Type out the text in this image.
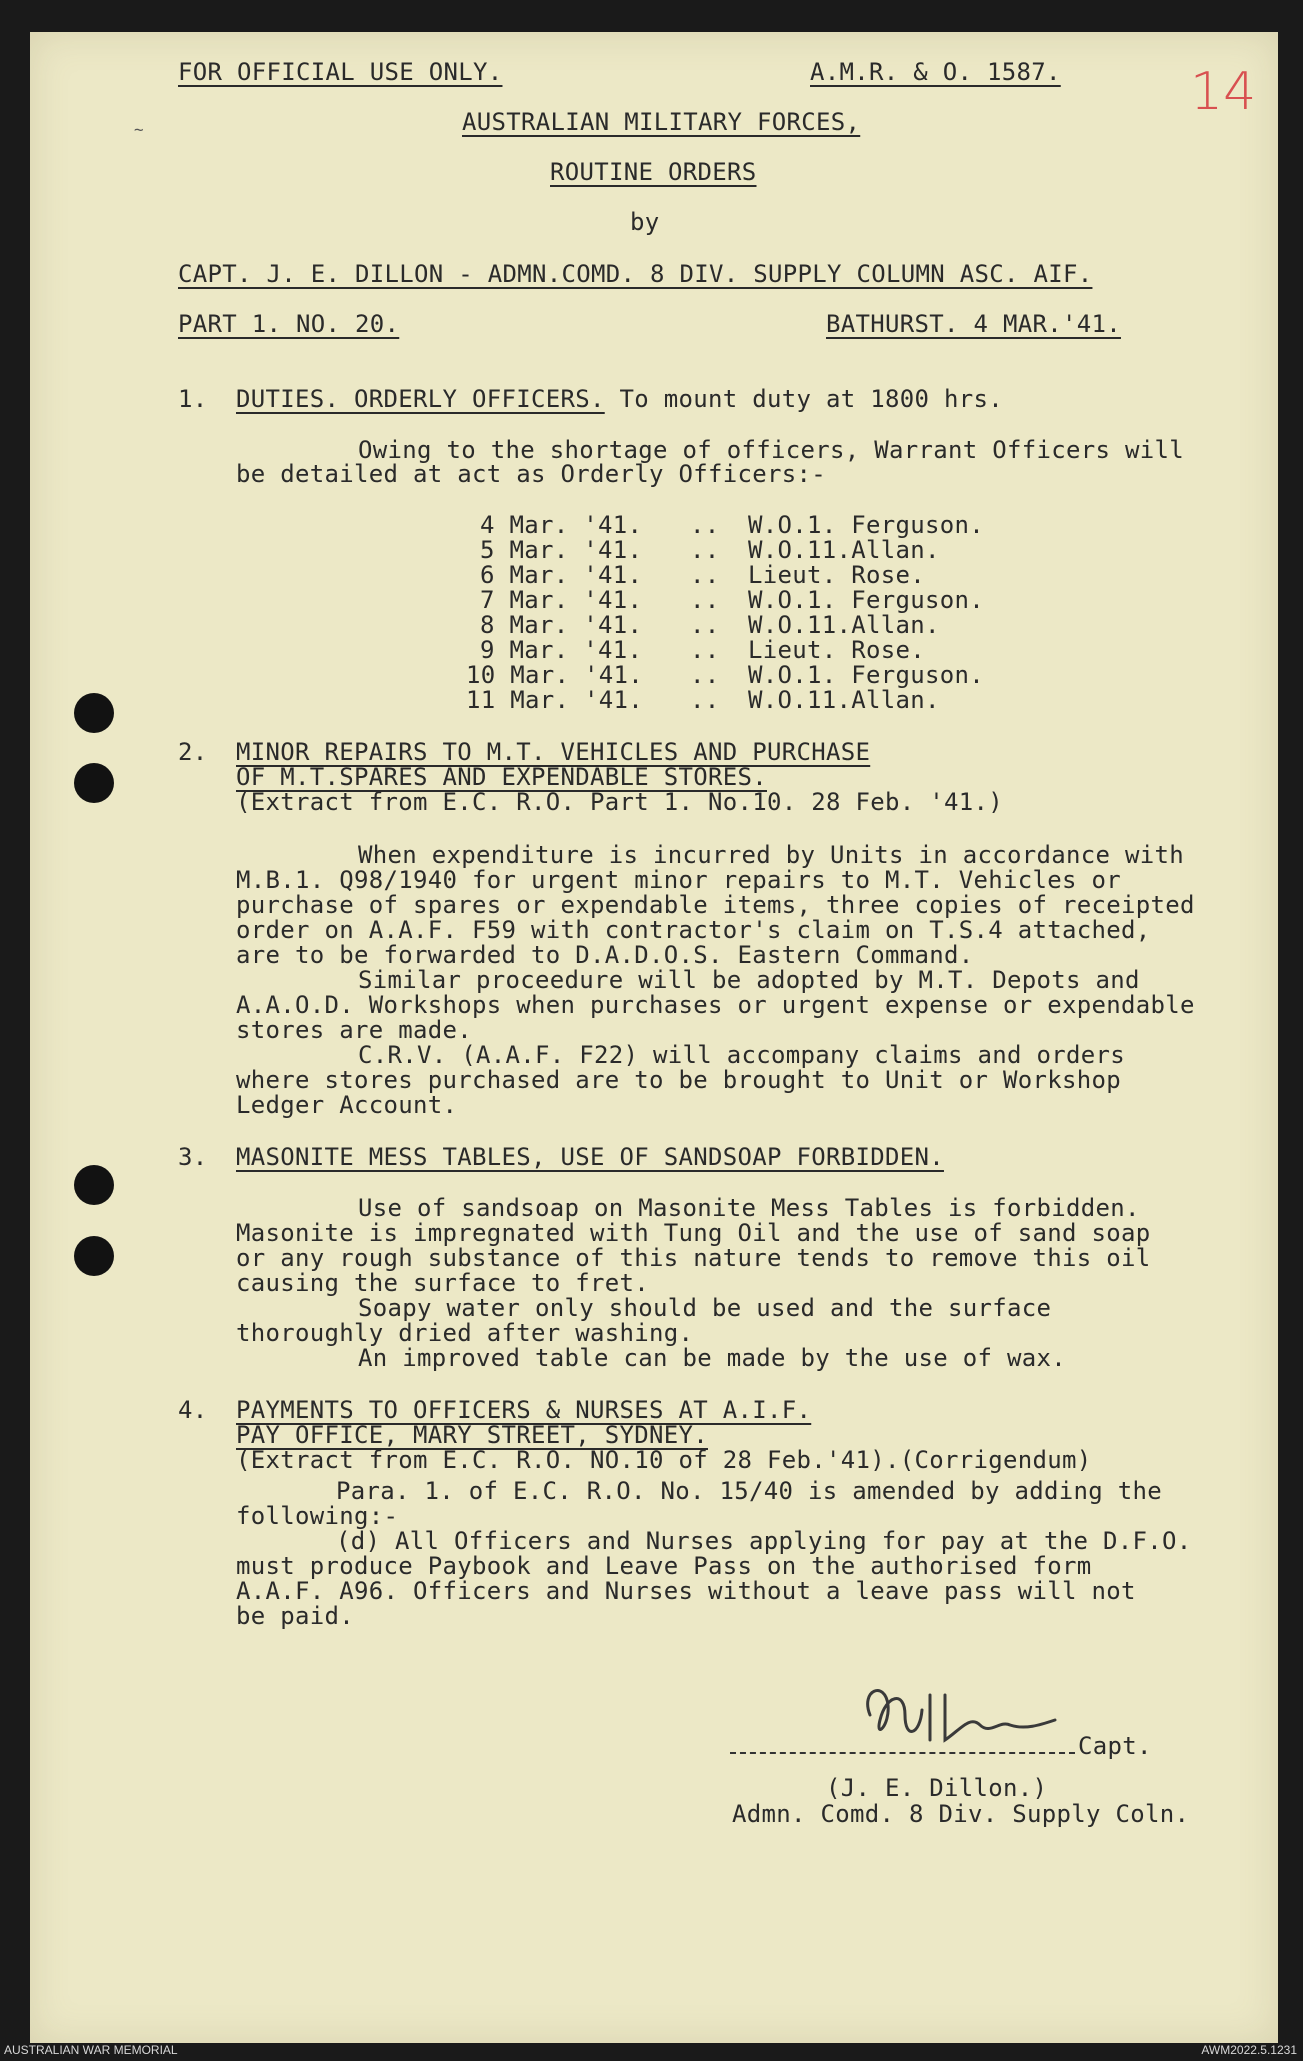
FOR OFFICIAL USE ONLY.	A.M.R. & O. 1587. 14
~	AUSTRALIAN MILITARY FORCES,
ROUTINE ORDERS
by
CAPT. J. E. DILLON - ADMN.COMD. 8 DIV. SUPPLY COLUMN ASC. AIF.
PART 1. NO. 20.	BATHURST. 4 MAR.'41.
1. DUTIES. ORDERLY OFFICERS. To mount duty at 1800 hrs.
Owing to the shortage of officers, Warrant Officers will
be detailed at act as Orderly Officers:-
4 Mar. '41. .. W.O.1. Ferguson.
5 Mar. '41. .. W.O.11.Allan.
6 Mar. '41. .. Lieut. Rose.
7 Mar. '41. .. W.O.1. Ferguson.
8 Mar. '41. .. W.O.11.Allan.
9 Mar. '41. .. Lieut. Rose.
10 Mar. '41. .. W.O.1. Ferguson.
11 Mar. '41. .. W.O.11.Allan.
2. MINOR REPAIRS TO M.T. VEHICLES AND PURCHASE
OF M.T.SPARES AND EXPENDABLE STORES.
(Extract from E.C. R.O. Part 1. No.10. 28 Feb. '41.)
When expenditure is incurred by Units in accordance with
M.B.1. Q98/1940 for urgent minor repairs to M.T. Vehicles or
purchase of spares or expendable items, three copies of receipted
order on A.A.F. F59 with contractor's claim on T.S.4 attached,
are to be forwarded to D.A.D.O.S. Eastern Command.
Similar proceedure will be adopted by M.T. Depots and
A.A.O.D. Workshops when purchases or urgent expense or expendable
stores are made.
C.R.V. (A.A.F. F22) will accompany claims and orders
where stores purchased are to be brought to Unit or Workshop
Ledger Account.
3. MASONITE MESS TABLES, USE OF SANDSOAP FORBIDDEN.
Use of sandsoap on Masonite Mess Tables is forbidden.
Masonite is impregnated with Tung Oil and the use of sand soap
or any rough substance of this nature tends to remove this oil
causing the surface to fret.
Soapy water only should be used and the surface
thoroughly dried after washing.
An improved table can be made by the use of wax.
4. PAYMENTS TO OFFICERS & NURSES AT A.I.F.
PAY OFFICE, MARY STREET, SYDNEY.
(Extract from E.C. R.O. NO.10 of 28 Feb.'41).(Corrigendum)
Para. 1. of E.C. R.O. No. 15/40 is amended by adding the
following:-
(d) All Officers and Nurses applying for pay at the D.F.O.
must produce Paybook and Leave Pass on the authorised form
A.A.F. A96. Officers and Nurses without a leave pass will not
be paid.
Capt.
(J. E. Dillon.)
Admn. Comd. 8 Div. Supply Coln.
AUSTRALIAN WAR MEMORIAL	AWM2022.5.1231
